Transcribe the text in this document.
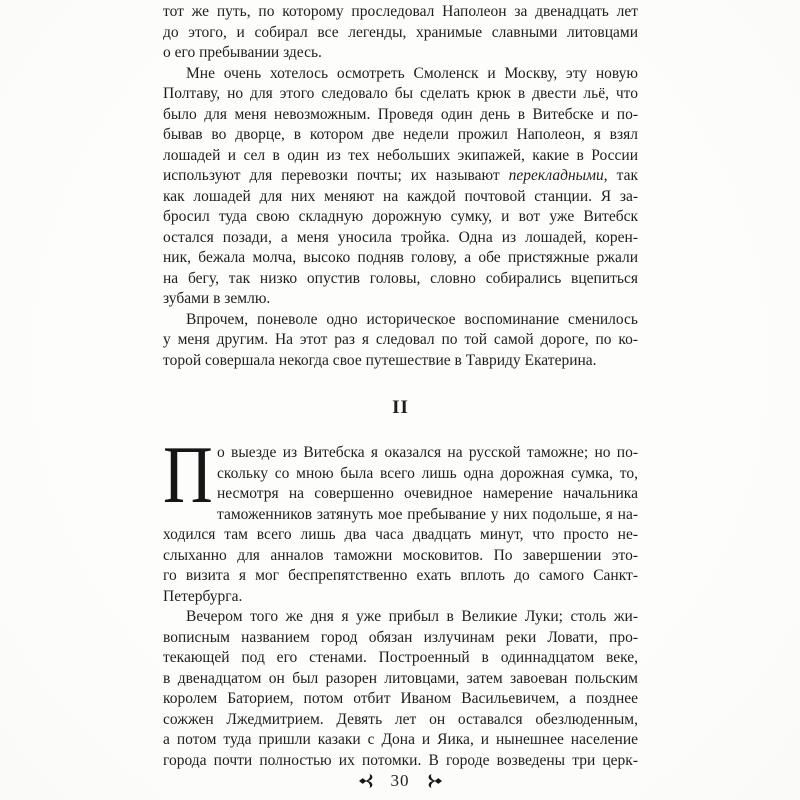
тот же путь, по которому проследовал Наполеон за двенадцать лет
до этого, и собирал все легенды, хранимые славными литовцами
о его пребывании здесь.
Мне очень хотелось осмотреть Смоленск и Москву, эту новую
Полтаву, но для этого следовало бы сделать крюк в двести льё, что
было для меня невозможным. Проведя один день в Витебске и по-
бывав во дворце, в котором две недели прожил Наполеон, я взял
лошадей и сел в один из тех небольших экипажей, какие в России
используют для перевозки почты; их называют перекладными, так
как лошадей для них меняют на каждой почтовой станции. Я за-
бросил туда свою складную дорожную сумку, и вот уже Витебск
остался позади, а меня уносила тройка. Одна из лошадей, корен-
ник, бежала молча, высоко подняв голову, а обе пристяжные ржали
на бегу, так низко опустив головы, словно собирались вцепиться
зубами в землю.
Впрочем, поневоле одно историческое воспоминание сменилось
у меня другим. На этот раз я следовал по той самой дороге, по ко-
торой совершала некогда свое путешествие в Тавриду Екатерина.
II
П о выезде из Витебска я оказался на русской таможне; но по-
скольку со мною была всего лишь одна дорожная сумка, то,
несмотря на совершенно очевидное намерение начальника
таможенников затянуть мое пребывание у них подольше, я на-
ходился там всего лишь два часа двадцать минут, что просто не-
слыханно для анналов таможни московитов. По завершении это-
го визита я мог беспрепятственно ехать вплоть до самого Санкт-
Петербурга.
Вечером того же дня я уже прибыл в Великие Луки; столь жи-
вописным названием город обязан излучинам реки Ловати, про-
текающей под его стенами. Построенный в одиннадцатом веке,
в двенадцатом он был разорен литовцами, затем завоеван польским
королем Баторием, потом отбит Иваном Васильевичем, а позднее
сожжен Лжедмитрием. Девять лет он оставался обезлюденным,
а потом туда пришли казаки с Дона и Яика, и нынешнее население
города почти полностью их потомки. В городе возведены три церк-
30
